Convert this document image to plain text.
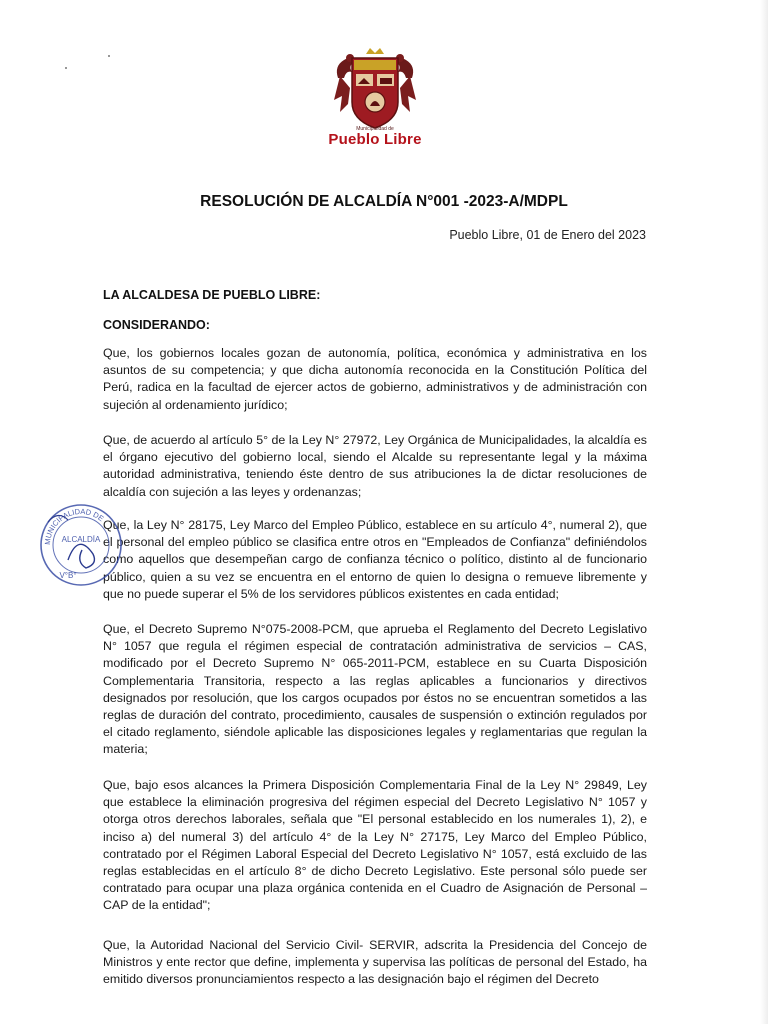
Municipalidad de
Pueblo Libre
RESOLUCIÓN DE ALCALDÍA N°001 -2023-A/MDPL
Pueblo Libre, 01 de Enero del 2023
LA ALCALDESA DE PUEBLO LIBRE:
CONSIDERANDO:
Que, los gobiernos locales gozan de autonomía, política, económica y administrativa en los asuntos de su competencia; y que dicha autonomía reconocida en la Constitución Política del Perú, radica en la facultad de ejercer actos de gobierno, administrativos y de administración con sujeción al ordenamiento jurídico;
Que, de acuerdo al artículo 5° de la Ley N° 27972, Ley Orgánica de Municipalidades, la alcaldía es el órgano ejecutivo del gobierno local, siendo el Alcalde su representante legal y la máxima autoridad administrativa, teniendo éste dentro de sus atribuciones la de dictar resoluciones de alcaldía con sujeción a las leyes y ordenanzas;
Que, la Ley N° 28175, Ley Marco del Empleo Público, establece en su artículo 4°, numeral 2), que el personal del empleo público se clasifica entre otros en "Empleados de Confianza" definiéndolos como aquellos que desempeñan cargo de confianza técnico o político, distinto al de funcionario público, quien a su vez se encuentra en el entorno de quien lo designa o remueve libremente y que no puede superar el 5% de los servidores públicos existentes en cada entidad;
Que, el Decreto Supremo N°075-2008-PCM, que aprueba el Reglamento del Decreto Legislativo N° 1057 que regula el régimen especial de contratación administrativa de servicios – CAS, modificado por el Decreto Supremo N° 065-2011-PCM, establece en su Cuarta Disposición Complementaria Transitoria, respecto a las reglas aplicables a funcionarios y directivos designados por resolución, que los cargos ocupados por éstos no se encuentran sometidos a las reglas de duración del contrato, procedimiento, causales de suspensión o extinción regulados por el citado reglamento, siéndole aplicable las disposiciones legales y reglamentarias que regulan la materia;
Que, bajo esos alcances la Primera Disposición Complementaria Final de la Ley N° 29849, Ley que establece la eliminación progresiva del régimen especial del Decreto Legislativo N° 1057 y otorga otros derechos laborales, señala que "El personal establecido en los numerales 1), 2), e inciso a) del numeral 3) del artículo 4° de la Ley N° 27175, Ley Marco del Empleo Público, contratado por el Régimen Laboral Especial del Decreto Legislativo N° 1057, está excluido de las reglas establecidas en el artículo 8° de dicho Decreto Legislativo. Este personal sólo puede ser contratado para ocupar una plaza orgánica contenida en el Cuadro de Asignación de Personal – CAP de la entidad";
Que, la Autoridad Nacional del Servicio Civil- SERVIR, adscrita la Presidencia del Concejo de Ministros y ente rector que define, implementa y supervisa las políticas de personal del Estado, ha emitido diversos pronunciamientos respecto a las designación bajo el régimen del Decreto
MUNICIPALIDAD DE
ALCALDÍA
V°B°
